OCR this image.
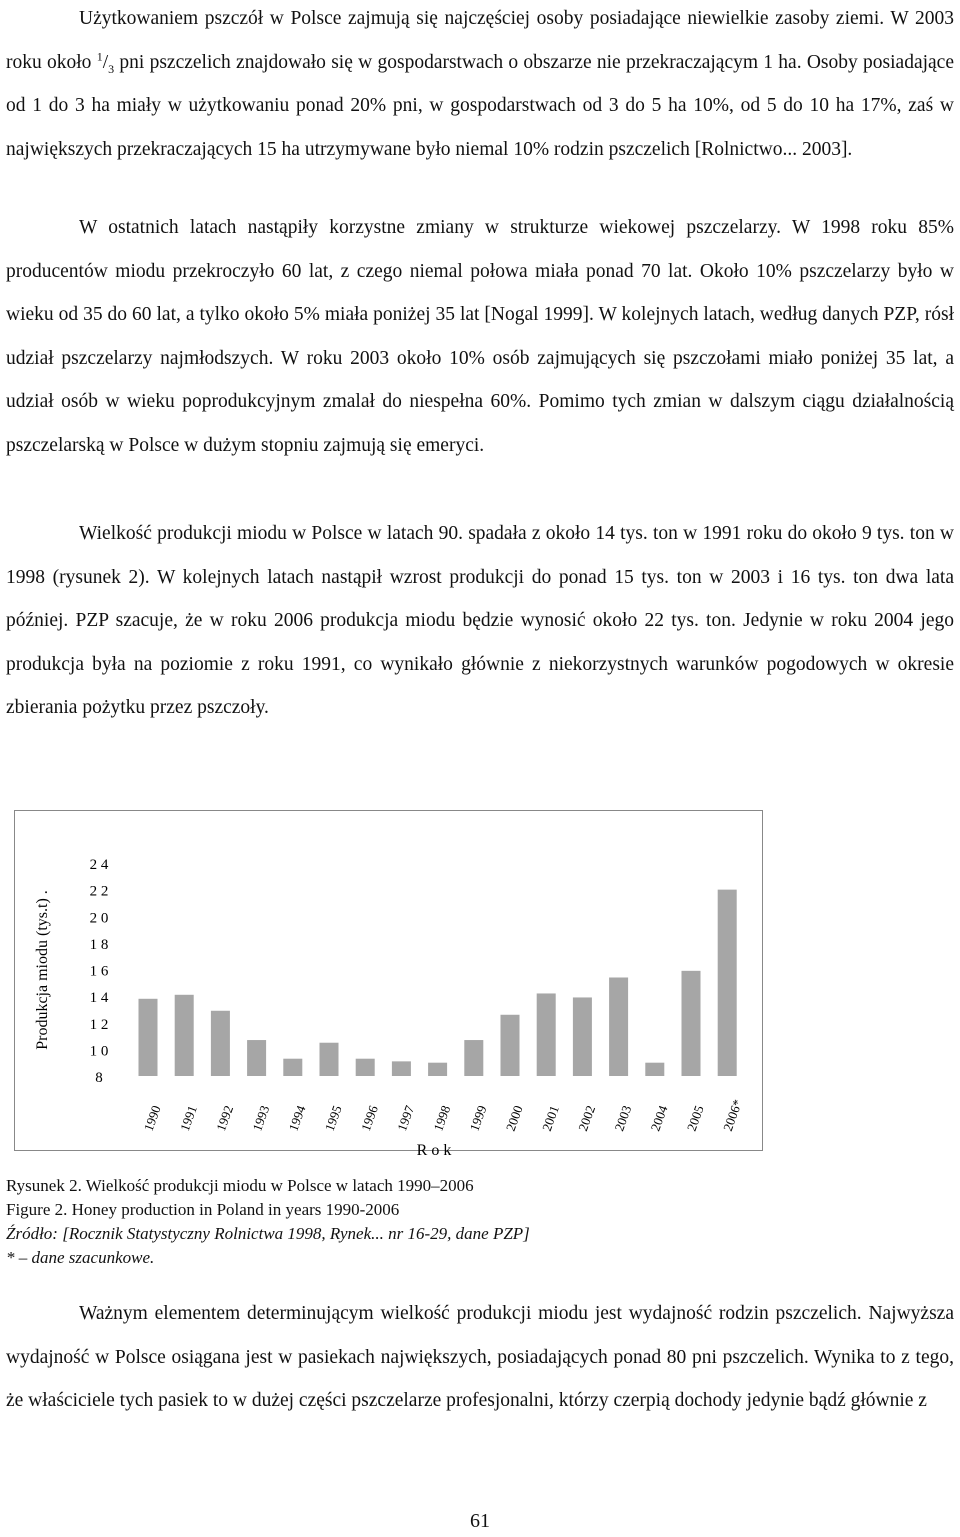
Użytkowaniem pszczół w Polsce zajmują się najczęściej osoby posiadające niewielkie zasoby ziemi. W 2003 roku około $^1/_3$ pni pszczelich znajdowało się w gospodarstwach o obszarze nie przekraczającym 1 ha. Osoby posiadające od 1 do 3 ha miały w użytkowaniu ponad 20% pni, w gospodarstwach od 3 do 5 ha 10%, od 5 do 10 ha 17%, zaś w największych przekraczających 15 ha utrzymywane było niemal 10% rodzin pszczelich [Rolnictwo... 2003].

W ostatnich latach nastąpiły korzystne zmiany w strukturze wiekowej pszczelarzy. W 1998 roku 85% producentów miodu przekroczyło 60 lat, z czego niemal połowa miała ponad 70 lat. Około 10% pszczelarzy było w wieku od 35 do 60 lat, a tylko około 5% miała poniżej 35 lat [Nogal 1999]. W kolejnych latach, według danych PZP, rósł udział pszczelarzy najmłodszych. W roku 2003 około 10% osób zajmujących się pszczołami miało poniżej 35 lat, a udział osób w wieku poprodukcyjnym zmalał do niespełna 60%. Pomimo tych zmian w dalszym ciągu działalnością pszczelarską w Polsce w dużym stopniu zajmują się emeryci.

Wielkość produkcji miodu w Polsce w latach 90. spadała z około 14 tys. ton w 1991 roku do około 9 tys. ton w 1998 (rysunek 2). W kolejnych latach nastąpił wzrost produkcji do ponad 15 tys. ton w 2003 i 16 tys. ton dwa lata później. PZP szacuje, że w roku 2006 produkcja miodu będzie wynosić około 22 tys. ton. Jedynie w roku 2004 jego produkcja była na poziomie z roku 1991, co wynikało głównie z niekorzystnych warunków pogodowych w okresie zbierania pożytku przez pszczoły.

8
1 0
1 2
1 4
1 6
1 8
2 0
2 2
2 4
1990 1991 1992 1993 1994 1995 1996 1997 1998 1999 2000 2001 2002 2003 2004 2005 2006*
Produkcja miodu (tys.t) .
R o k
Rysunek 2. Wielkość produkcji miodu w Polsce w latach 1990–2006
Figure 2. Honey production in Poland in years 1990-2006
Źródło: [Rocznik Statystyczny Rolnictwa 1998, Rynek... nr 16-29, dane PZP]
* – dane szacunkowe.

Ważnym elementem determinującym wielkość produkcji miodu jest wydajność rodzin pszczelich. Najwyższa wydajność w Polsce osiągana jest w pasiekach największych, posiadających ponad 80 pni pszczelich. Wynika to z tego, że właściciele tych pasiek to w dużej części pszczelarze profesjonalni, którzy czerpią dochody jedynie bądź głównie z

61
